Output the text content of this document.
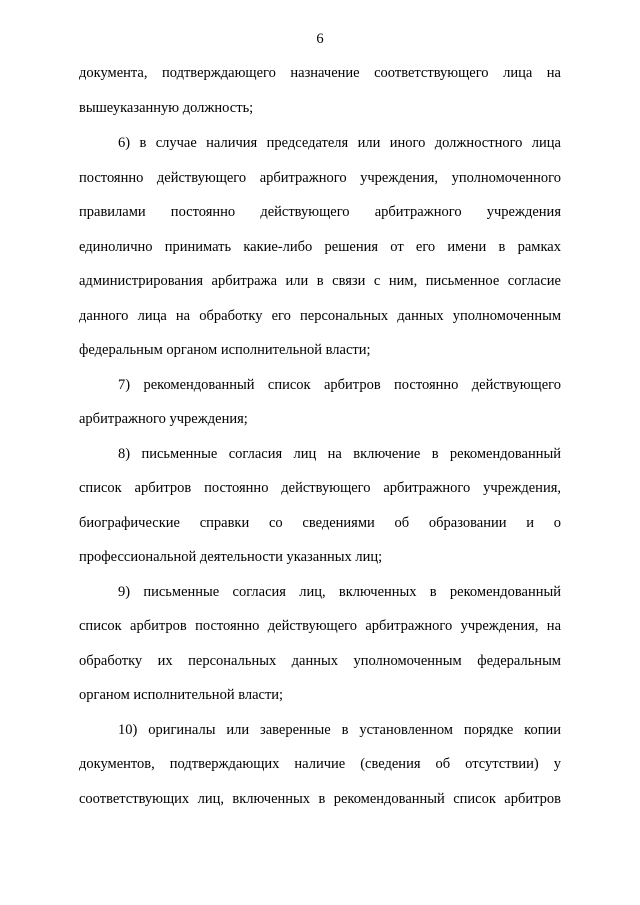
6
документа, подтверждающего назначение соответствующего лица на
вышеуказанную должность;
6) в случае наличия председателя или иного должностного лица
постоянно действующего арбитражного учреждения, уполномоченного
правилами постоянно действующего арбитражного учреждения
единолично принимать какие-либо решения от его имени в рамках
администрирования арбитража или в связи с ним, письменное согласие
данного лица на обработку его персональных данных уполномоченным
федеральным органом исполнительной власти;
7) рекомендованный список арбитров постоянно действующего
арбитражного учреждения;
8) письменные согласия лиц на включение в рекомендованный
список арбитров постоянно действующего арбитражного учреждения,
биографические справки со сведениями об образовании и о
профессиональной деятельности указанных лиц;
9) письменные согласия лиц, включенных в рекомендованный
список арбитров постоянно действующего арбитражного учреждения, на
обработку их персональных данных уполномоченным федеральным
органом исполнительной власти;
10) оригиналы или заверенные в установленном порядке копии
документов, подтверждающих наличие (сведения об отсутствии) у
соответствующих лиц, включенных в рекомендованный список арбитров
